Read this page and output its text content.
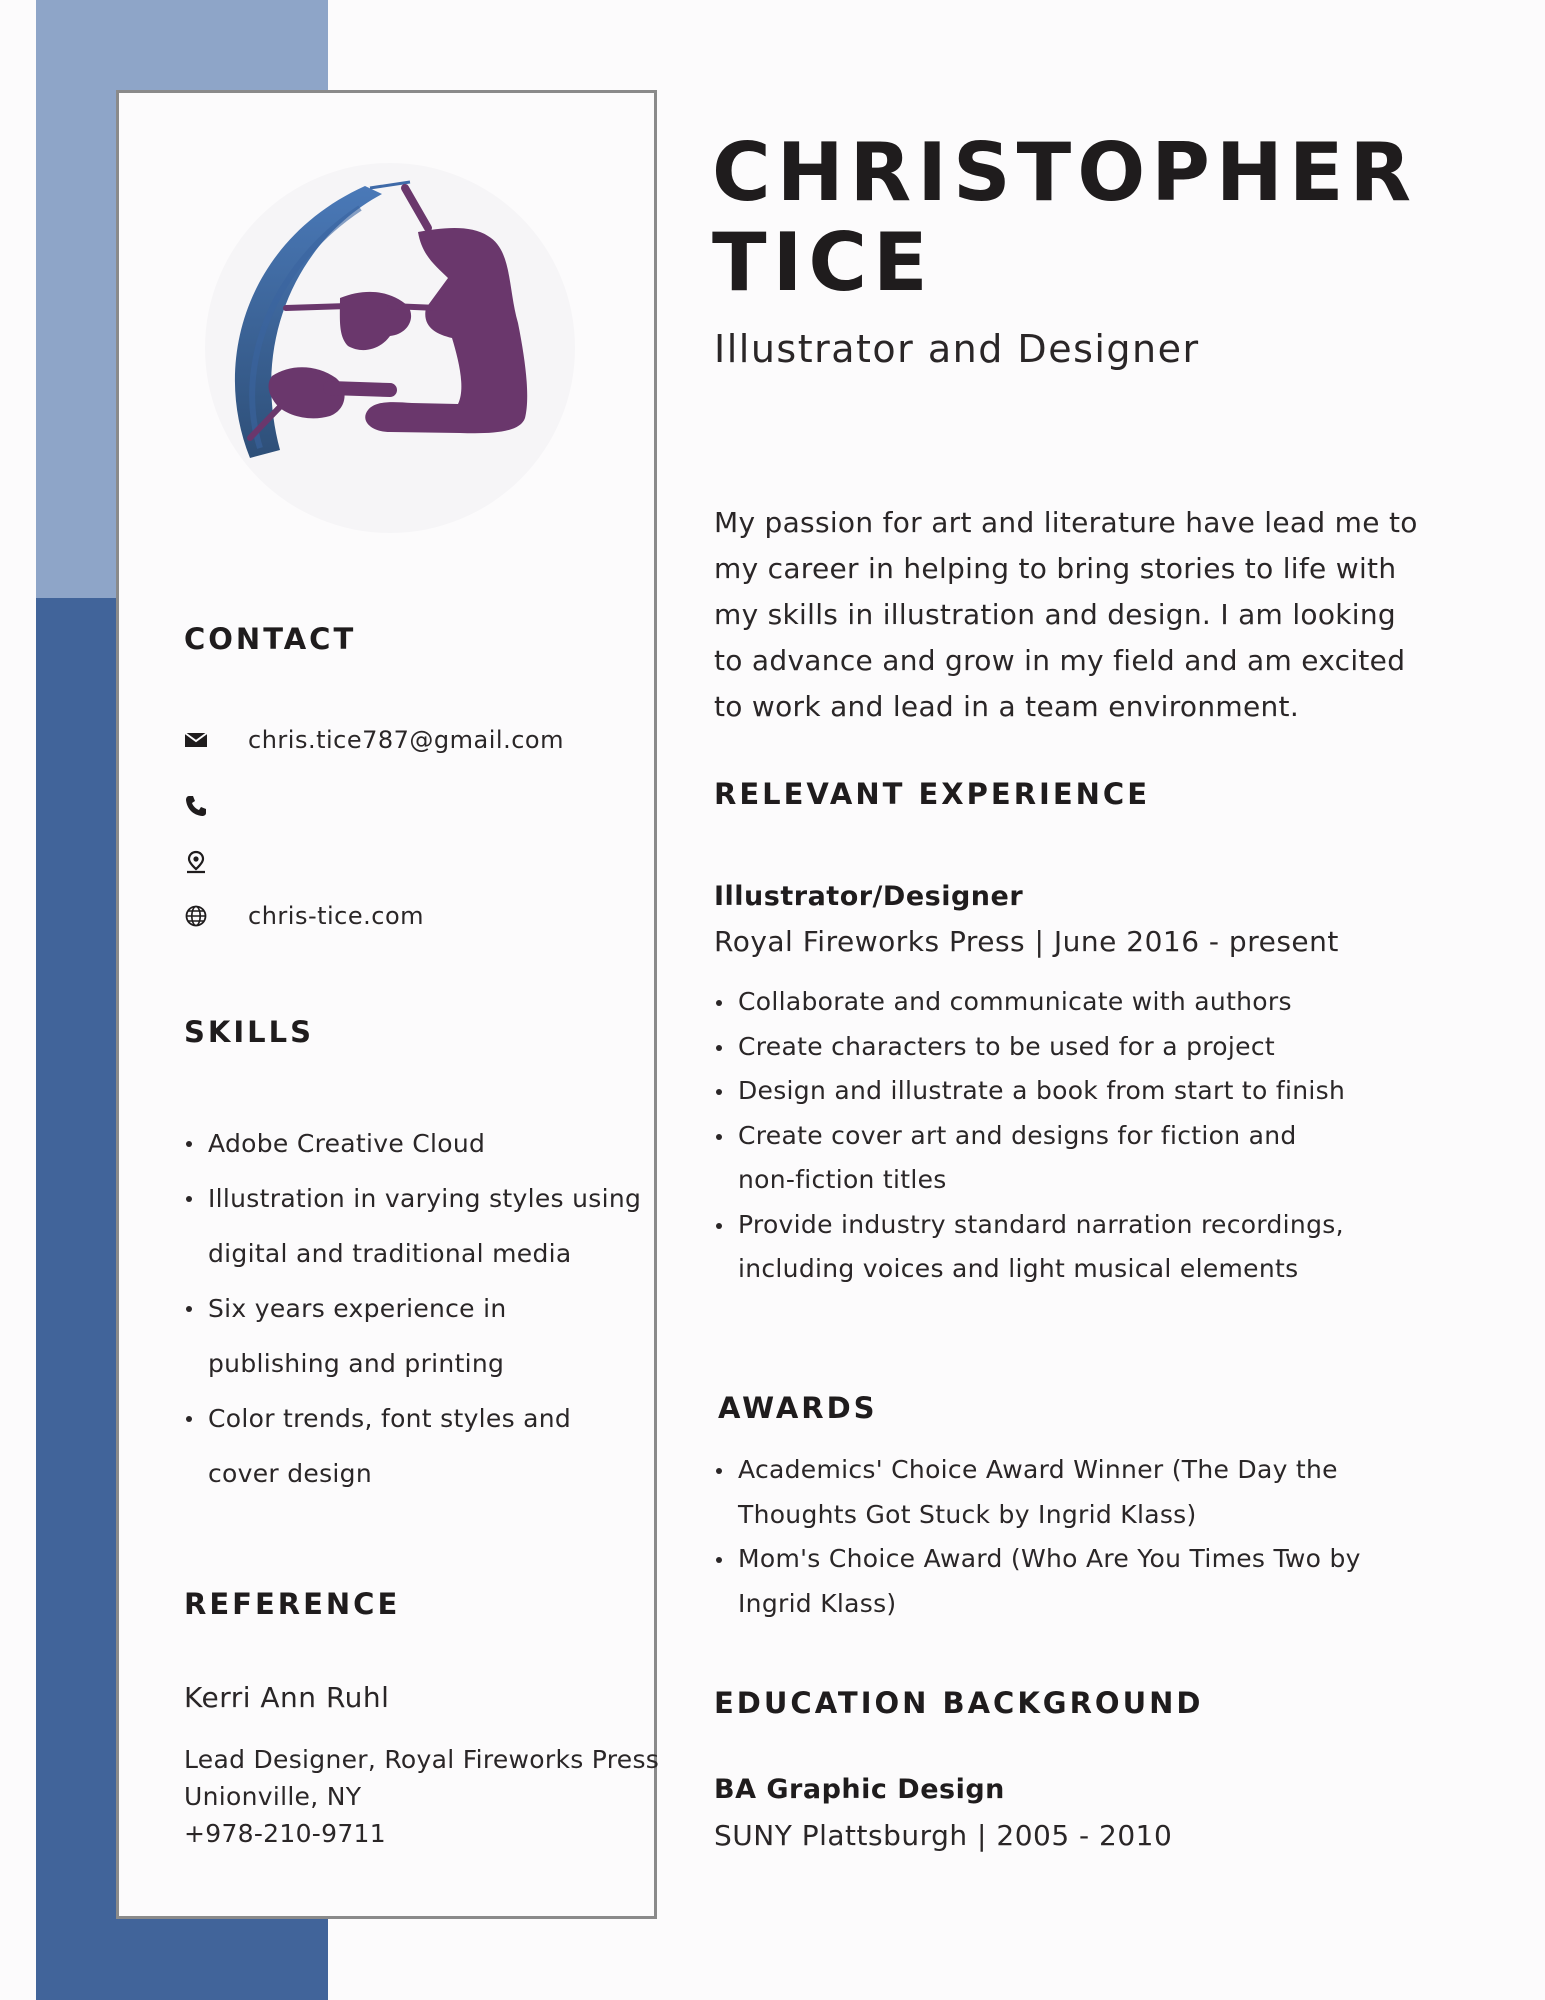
CONTACT
chris.tice787@gmail.com
chris-tice.com
SKILLS
Adobe Creative Cloud
Illustration in varying styles using digital and traditional media
Six years experience in publishing and printing
Color trends, font styles and cover design
REFERENCE
Kerri Ann Ruhl
Lead Designer, Royal Fireworks Press
Unionville, NY
+978-210-9711
CHRISTOPHER
TICE
Illustrator and Designer

My passion for art and literature have lead me to my career in helping to bring stories to life with my skills in illustration and design. I am looking to advance and grow in my field and am excited to work and lead in a team environment.

RELEVANT EXPERIENCE
Illustrator/Designer
Royal Fireworks Press | June 2016 - present
Collaborate and communicate with authors
Create characters to be used for a project
Design and illustrate a book from start to finish
Create cover art and designs for fiction and non-fiction titles
Provide industry standard narration recordings, including voices and light musical elements
AWARDS
Academics' Choice Award Winner (The Day the Thoughts Got Stuck by Ingrid Klass)
Mom's Choice Award (Who Are You Times Two by Ingrid Klass)
EDUCATION BACKGROUND
BA Graphic Design
SUNY Plattsburgh | 2005 - 2010
